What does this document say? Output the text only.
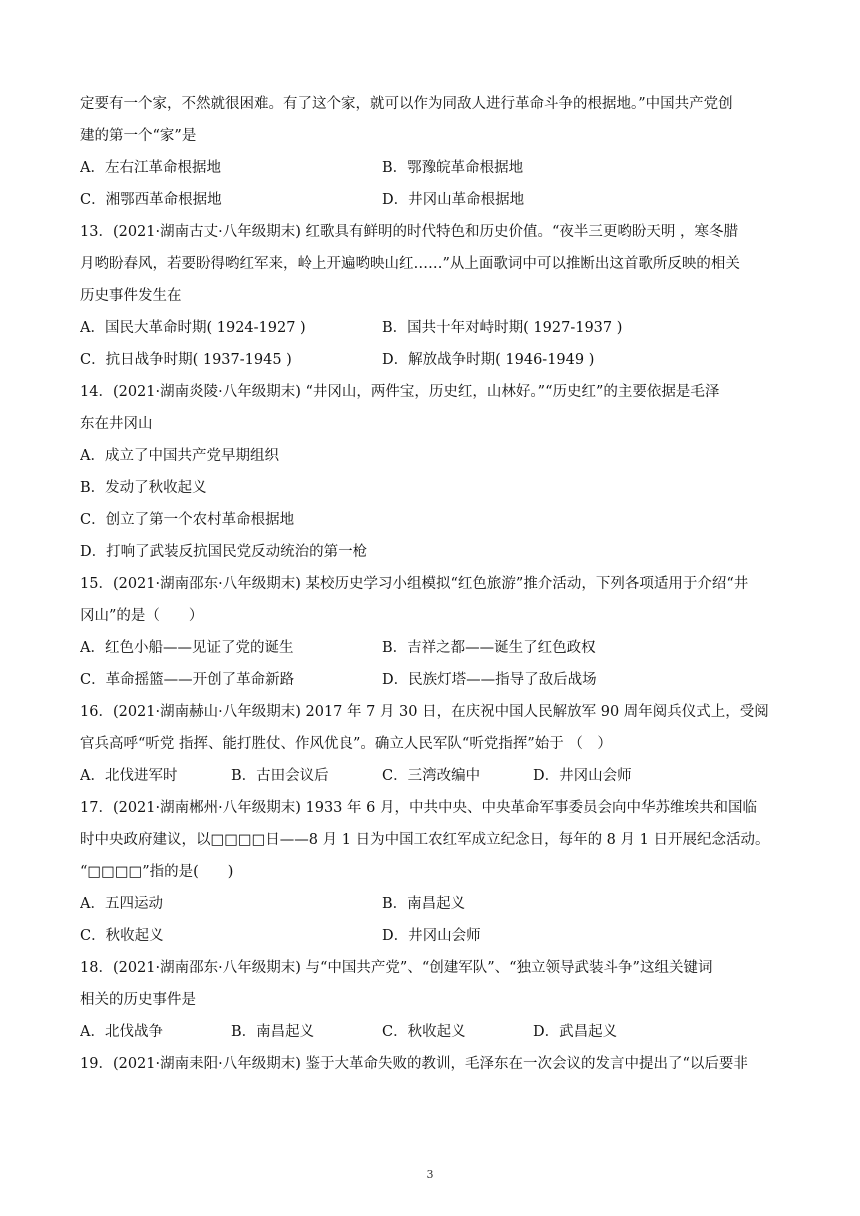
定要有一个家，不然就很困难。有了这个家，就可以作为同敌人进行革命斗争的根据地。”中国共产党创
建的第一个“家”是
A．左右江革命根据地	B．鄂豫皖革命根据地
C．湘鄂西革命根据地	D．井冈山革命根据地
13．(2021·湖南古丈·八年级期末) 红歌具有鲜明的时代特色和历史价值。“夜半三更哟盼天明 ，寒冬腊
月哟盼春风，若要盼得哟红军来，岭上开遍哟映山红……”从上面歌词中可以推断出这首歌所反映的相关
历史事件发生在
A．国民大革命时期( 1924-1927 )	B．国共十年对峙时期( 1927-1937 )
C．抗日战争时期( 1937-1945 )	D．解放战争时期( 1946-1949 )
14．(2021·湖南炎陵·八年级期末) “井冈山，两件宝，历史红，山林好。”“历史红”的主要依据是毛泽
东在井冈山
A．成立了中国共产党早期组织
B．发动了秋收起义
C．创立了第一个农村革命根据地
D．打响了武装反抗国民党反动统治的第一枪
15．(2021·湖南邵东·八年级期末) 某校历史学习小组模拟“红色旅游”推介活动，下列各项适用于介绍“井
冈山”的是（　　）
A．红色小船——见证了党的诞生	B．吉祥之都——诞生了红色政权
C．革命摇篮——开创了革命新路	D．民族灯塔——指导了敌后战场
16．(2021·湖南赫山·八年级期末) 2017 年 7 月 30 日，在庆祝中国人民解放军 90 周年阅兵仪式上，受阅
官兵高呼“听党 指挥、能打胜仗、作风优良”。确立人民军队“听党指挥”始于 （　）
A．北伐进军时	B．古田会议后	C．三湾改编中	D．井冈山会师
17．(2021·湖南郴州·八年级期末) 1933 年 6 月，中共中央、中央革命军事委员会向中华苏维埃共和国临
时中央政府建议，以□□□□日——8 月 1 日为中国工农红军成立纪念日，每年的 8 月 1 日开展纪念活动。
“□□□□”指的是(　　)
A．五四运动	B．南昌起义
C．秋收起义	D．井冈山会师
18．(2021·湖南邵东·八年级期末) 与“中国共产党”、“创建军队”、“独立领导武装斗争”这组关键词
相关的历史事件是
A．北伐战争	B．南昌起义	C．秋收起义	D．武昌起义
19．(2021·湖南耒阳·八年级期末) 鉴于大革命失败的教训，毛泽东在一次会议的发言中提出了“以后要非
3
